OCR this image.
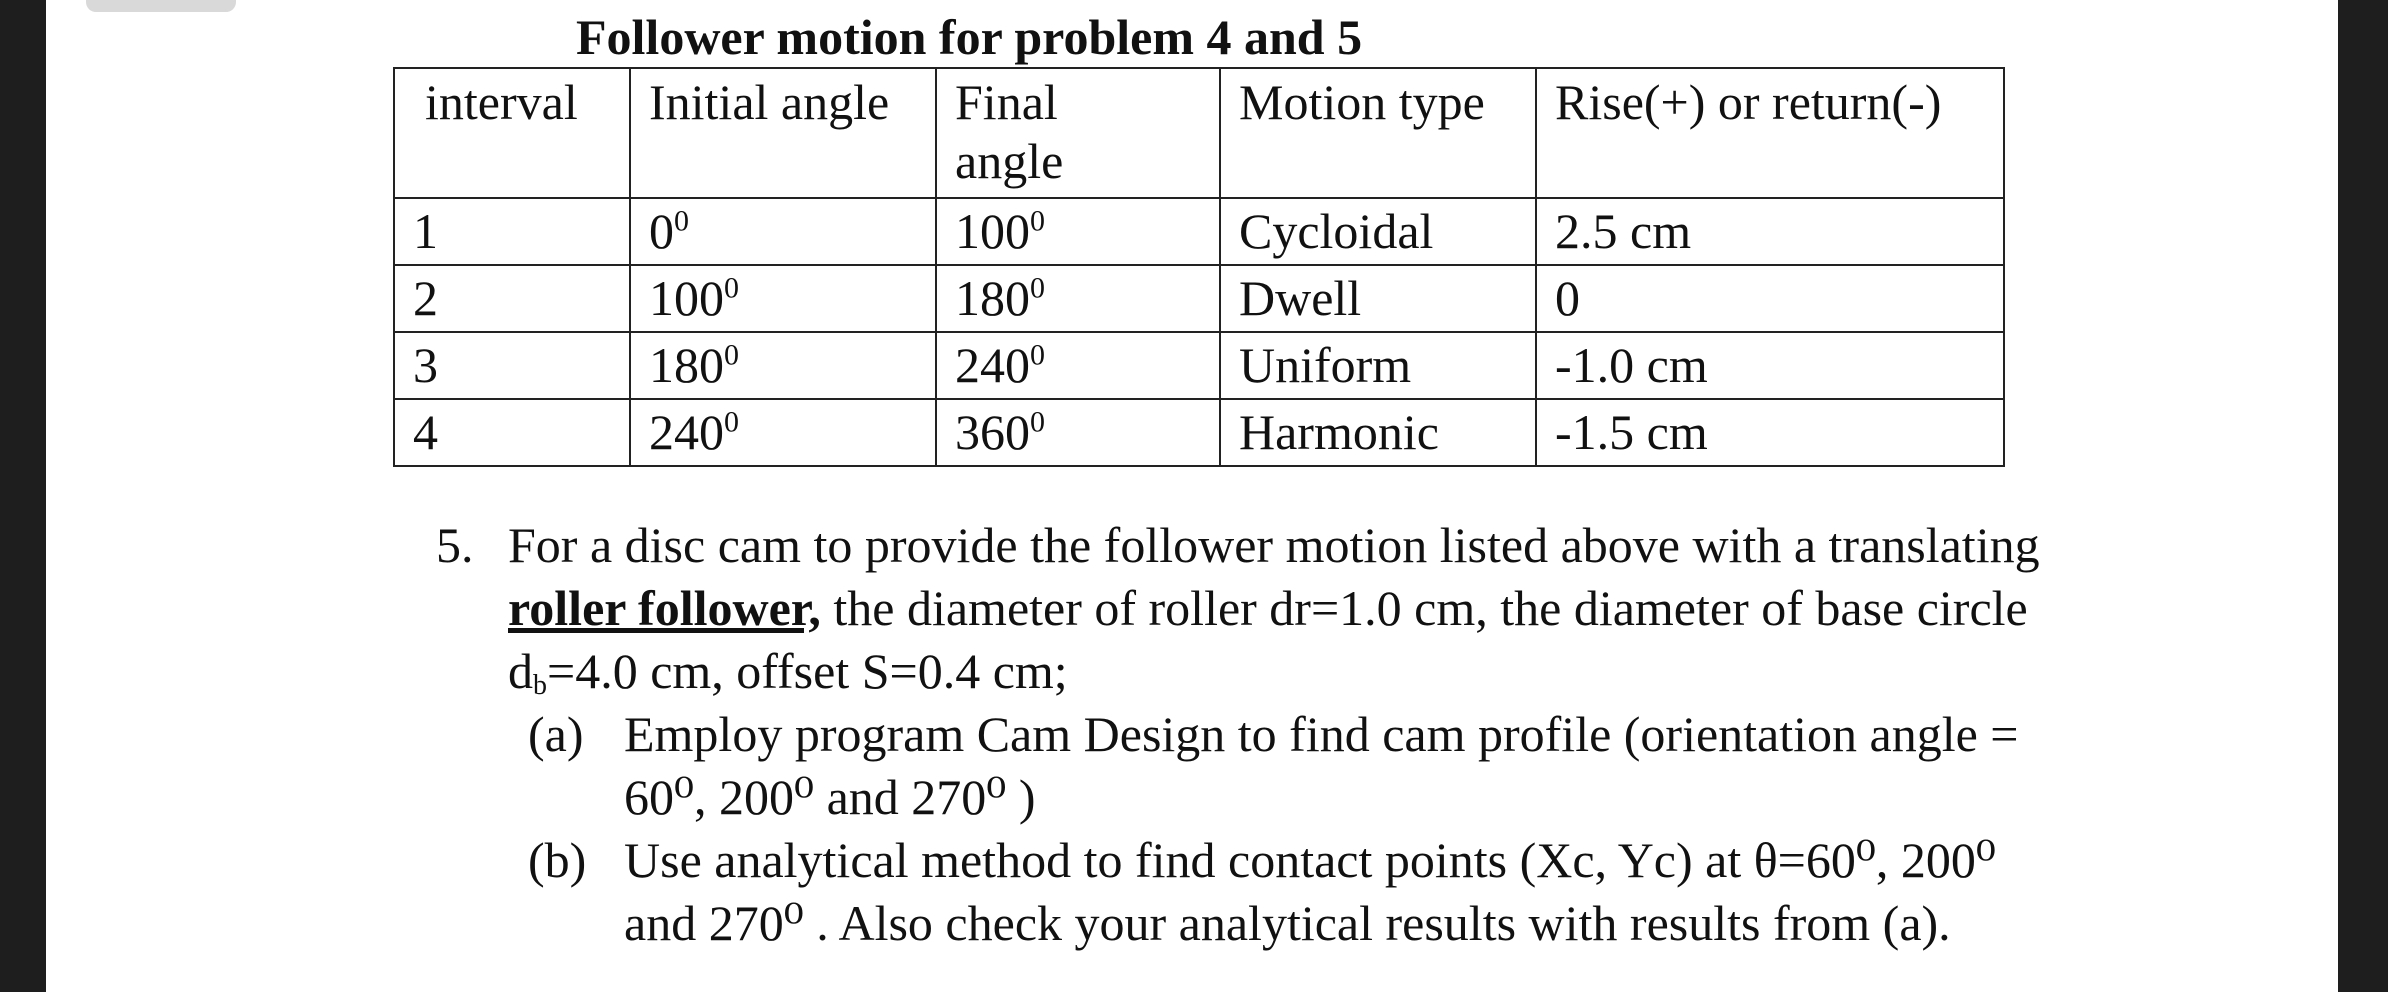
Follower motion for problem 4 and 5
interval	Initial angle	Final angle	Motion type	Rise(+) or return(-)
1	$0^0$	$100^0$	Cycloidal	2.5 cm
2	$100^0$	$180^0$	Dwell	0
3	$180^0$	$240^0$	Uniform	-1.0 cm
4	$240^0$	$360^0$	Harmonic	-1.5 cm
5. For a disc cam to provide the follower motion listed above with a translating
roller follower, the diameter of roller dr=1.0 cm, the diameter of base circle
$d_b=4.0$ cm, offset S=0.4 cm;
(a) Employ program Cam Design to find cam profile (orientation angle =
60⁰, 200⁰ and 270⁰ )
(b) Use analytical method to find contact points (Xc, Yc) at θ=60⁰, 200⁰
and 270⁰ . Also check your analytical results with results from (a).
